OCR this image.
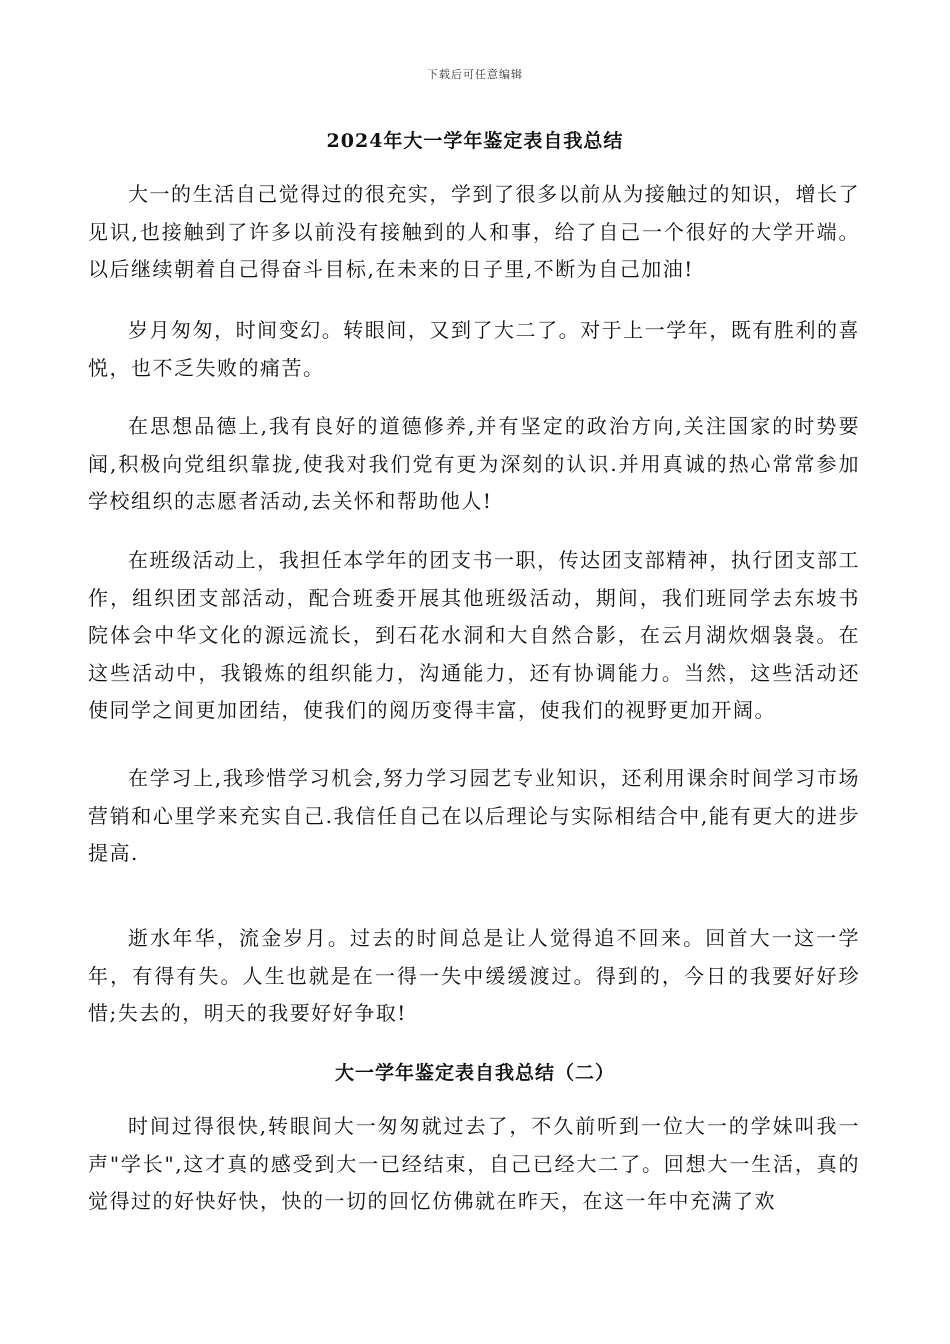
下载后可任意编辑
2024年大一学年鉴定表自我总结

大一的生活自己觉得过的很充实，学到了很多以前从为接触过的知识，增长了见识,也接触到了许多以前没有接触到的人和事，给了自己一个很好的大学开端。以后继续朝着自己得奋斗目标,在未来的日子里,不断为自己加油!

岁月匆匆，时间变幻。转眼间，又到了大二了。对于上一学年，既有胜利的喜悦，也不乏失败的痛苦。

在思想品德上,我有良好的道德修养,并有坚定的政治方向,关注国家的时势要闻,积极向党组织靠拢,使我对我们党有更为深刻的认识.并用真诚的热心常常参加学校组织的志愿者活动,去关怀和帮助他人!

在班级活动上，我担任本学年的团支书一职，传达团支部精神，执行团支部工作，组织团支部活动，配合班委开展其他班级活动，期间，我们班同学去东坡书院体会中华文化的源远流长，到石花水洞和大自然合影，在云月湖炊烟袅袅。在这些活动中，我锻炼的组织能力，沟通能力，还有协调能力。当然，这些活动还使同学之间更加团结，使我们的阅历变得丰富，使我们的视野更加开阔。

在学习上,我珍惜学习机会,努力学习园艺专业知识，还利用课余时间学习市场营销和心里学来充实自己.我信任自己在以后理论与实际相结合中,能有更大的进步提高.

逝水年华，流金岁月。过去的时间总是让人觉得追不回来。回首大一这一学年，有得有失。人生也就是在一得一失中缓缓渡过。得到的，今日的我要好好珍惜;失去的，明天的我要好好争取!

大一学年鉴定表自我总结（二）

时间过得很快,转眼间大一匆匆就过去了，不久前听到一位大一的学妹叫我一声"学长",这才真的感受到大一已经结束，自己已经大二了。回想大一生活，真的觉得过的好快好快，快的一切的回忆仿佛就在昨天，在这一年中充满了欢
